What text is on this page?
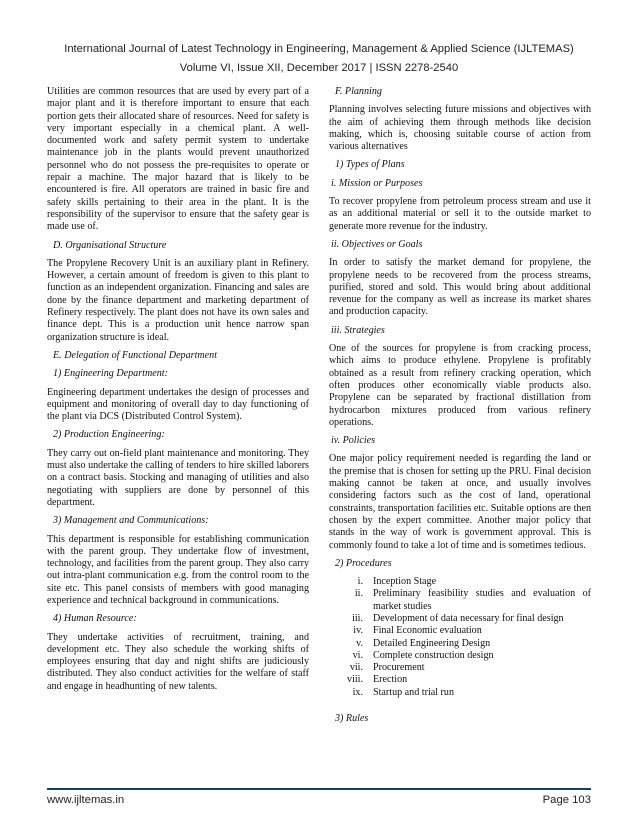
International Journal of Latest Technology in Engineering, Management & Applied Science (IJLTEMAS)
Volume VI, Issue XII, December 2017 | ISSN 2278-2540

Utilities are common resources that are used by every part of a major plant and it is therefore important to ensure that each portion gets their allocated share of resources. Need for safety is very important especially in a chemical plant. A well-documented work and safety permit system to undertake maintenance job in the plants would prevent unauthorized personnel who do not possess the pre-requisites to operate or repair a machine. The major hazard that is likely to be encountered is fire. All operators are trained in basic fire and safety skills pertaining to their area in the plant. It is the responsibility of the supervisor to ensure that the safety gear is made use of.

D. Organisational Structure

The Propylene Recovery Unit is an auxiliary plant in Refinery. However, a certain amount of freedom is given to this plant to function as an independent organization. Financing and sales are done by the finance department and marketing department of Refinery respectively. The plant does not have its own sales and finance dept. This is a production unit hence narrow span organization structure is ideal.

E. Delegation of Functional Department
1) Engineering Department:

Engineering department undertakes the design of processes and equipment and monitoring of overall day to day functioning of the plant via DCS (Distributed Control System).

2) Production Engineering:

They carry out on-field plant maintenance and monitoring. They must also undertake the calling of tenders to hire skilled laborers on a contract basis. Stocking and managing of utilities and also negotiating with suppliers are done by personnel of this department.

3) Management and Communications:

This department is responsible for establishing communication with the parent group. They undertake flow of investment, technology, and facilities from the parent group. They also carry out intra-plant communication e.g. from the control room to the site etc. This panel consists of members with good managing experience and technical background in communications.

4) Human Resource:

They undertake activities of recruitment, training, and development etc. They also schedule the working shifts of employees ensuring that day and night shifts are judiciously distributed. They also conduct activities for the welfare of staff and engage in headhunting of new talents.

F. Planning

Planning involves selecting future missions and objectives with the aim of achieving them through methods like decision making, which is, choosing suitable course of action from various alternatives

1) Types of Plans
i. Mission or Purposes

To recover propylene from petroleum process stream and use it as an additional material or sell it to the outside market to generate more revenue for the industry.

ii. Objectives or Goals

In order to satisfy the market demand for propylene, the propylene needs to be recovered from the process streams, purified, stored and sold. This would bring about additional revenue for the company as well as increase its market shares and production capacity.

iii. Strategies

One of the sources for propylene is from cracking process, which aims to produce ethylene. Propylene is profitably obtained as a result from refinery cracking operation, which often produces other economically viable products also. Propylene can be separated by fractional distillation from hydrocarbon mixtures produced from various refinery operations.

iv. Policies

One major policy requirement needed is regarding the land or the premise that is chosen for setting up the PRU. Final decision making cannot be taken at once, and usually involves considering factors such as the cost of land, operational constraints, transportation facilities etc. Suitable options are then chosen by the expert committee. Another major policy that stands in the way of work is government approval. This is commonly found to take a lot of time and is sometimes tedious.

2) Procedures
i. Inception Stage
ii. Preliminary feasibility studies and evaluation of market studies
iii. Development of data necessary for final design
iv. Final Economic evaluation
v. Detailed Engineering Design
vi. Complete construction design
vii. Procurement
viii. Erection
ix. Startup and trial run
3) Rules
www.ijltemas.in	Page 103
